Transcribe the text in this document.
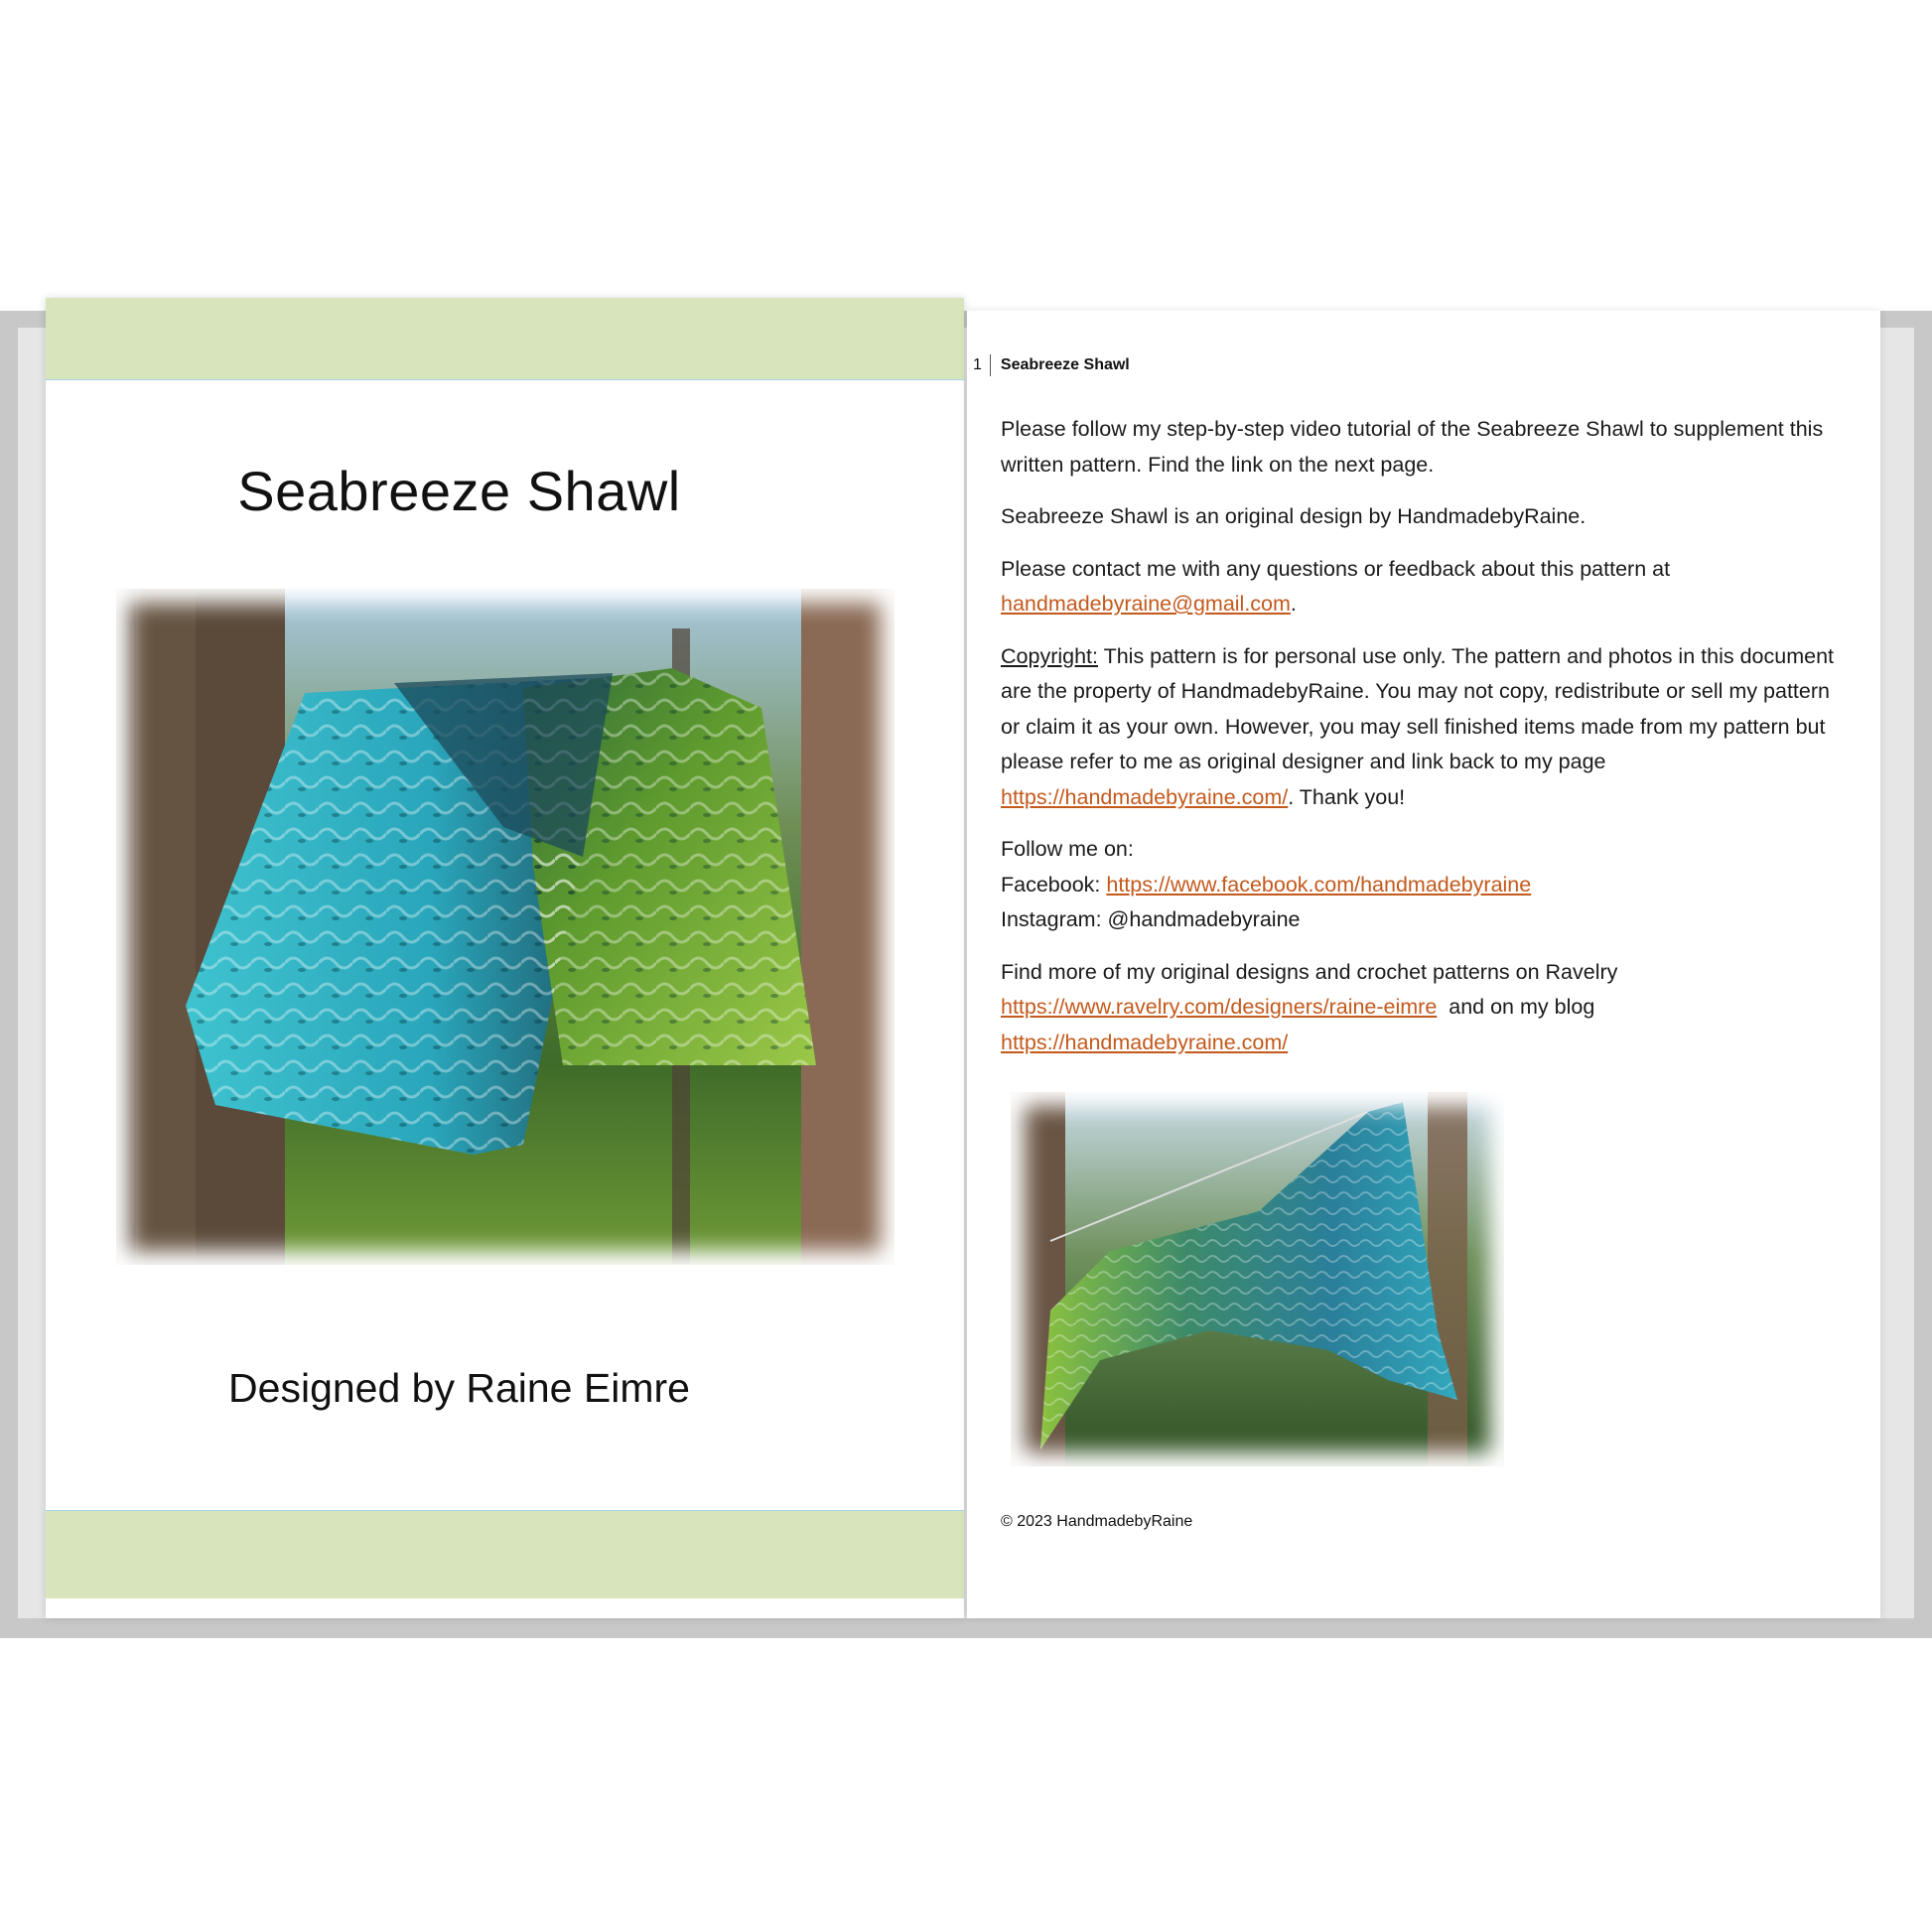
Seabreeze Shawl
Designed by Raine Eimre
1	Seabreeze Shawl

Please follow my step-by-step video tutorial of the Seabreeze Shawl to supplement this written pattern. Find the link on the next page.

Seabreeze Shawl is an original design by HandmadebyRaine.

Please contact me with any questions or feedback about this pattern at
handmadebyraine@gmail.com.

Copyright: This pattern is for personal use only. The pattern and photos in this document are the property of HandmadebyRaine. You may not copy, redistribute or sell my pattern or claim it as your own. However, you may sell finished items made from my pattern but please refer to me as original designer and link back to my page https://handmadebyraine.com/. Thank you!

Follow me on:
Facebook: https://www.facebook.com/handmadebyraine
Instagram: @handmadebyraine

Find more of my original designs and crochet patterns on Ravelry
https://www.ravelry.com/designers/raine-eimre  and on my blog
https://handmadebyraine.com/

© 2023 HandmadebyRaine
